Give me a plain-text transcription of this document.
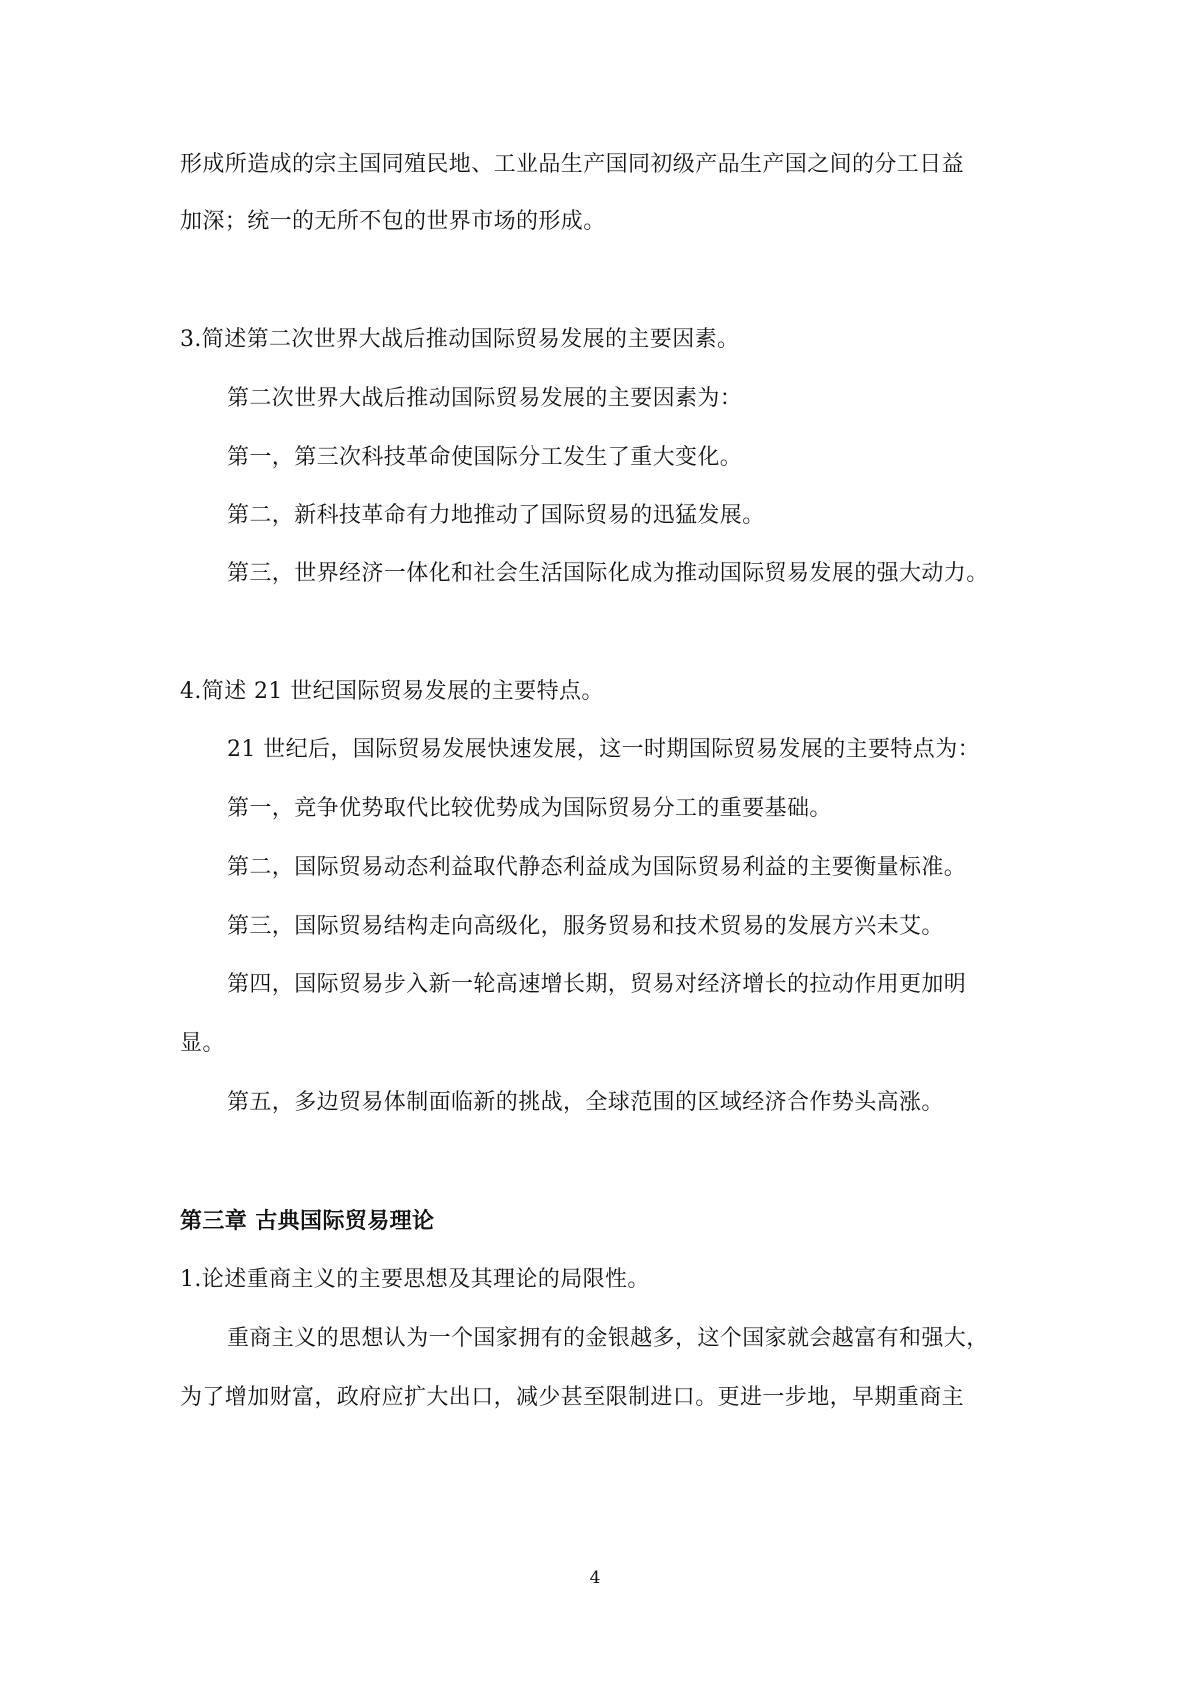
形成所造成的宗主国同殖民地、工业品生产国同初级产品生产国之间的分工日益
加深；统一的无所不包的世界市场的形成。
3.简述第二次世界大战后推动国际贸易发展的主要因素。
第二次世界大战后推动国际贸易发展的主要因素为：
第一，第三次科技革命使国际分工发生了重大变化。
第二，新科技革命有力地推动了国际贸易的迅猛发展。
第三，世界经济一体化和社会生活国际化成为推动国际贸易发展的强大动力。
4.简述 21 世纪国际贸易发展的主要特点。
21 世纪后，国际贸易发展快速发展，这一时期国际贸易发展的主要特点为：
第一，竞争优势取代比较优势成为国际贸易分工的重要基础。
第二，国际贸易动态利益取代静态利益成为国际贸易利益的主要衡量标准。
第三，国际贸易结构走向高级化，服务贸易和技术贸易的发展方兴未艾。
第四，国际贸易步入新一轮高速增长期，贸易对经济增长的拉动作用更加明
显。
第五，多边贸易体制面临新的挑战，全球范围的区域经济合作势头高涨。
第三章 古典国际贸易理论
1.论述重商主义的主要思想及其理论的局限性。
重商主义的思想认为一个国家拥有的金银越多，这个国家就会越富有和强大，
为了增加财富，政府应扩大出口，减少甚至限制进口。更进一步地，早期重商主
4
